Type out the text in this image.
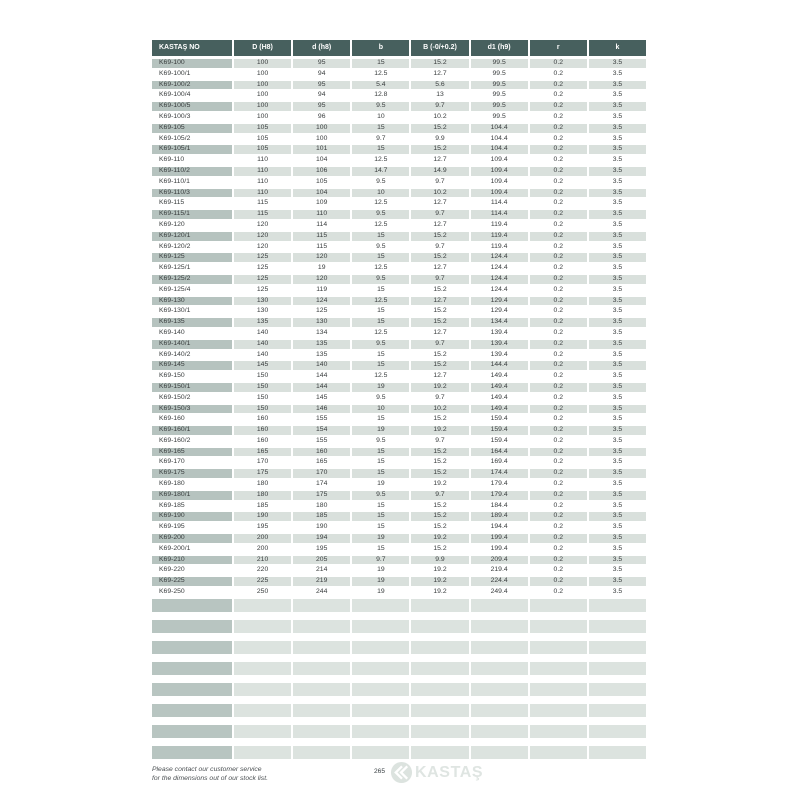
KASTAŞ NO	D (H8)	d (h8)	b	B (-0/+0.2)	d1 (h9)	r	k
K69-100	100	95	15	15.2	99.5	0.2	3.5
K69-100/1	100	94	12.5	12.7	99.5	0.2	3.5
K69-100/2	100	95	5.4	5.6	99.5	0.2	3.5
K69-100/4	100	94	12.8	13	99.5	0.2	3.5
K69-100/5	100	95	9.5	9.7	99.5	0.2	3.5
K69-100/3	100	96	10	10.2	99.5	0.2	3.5
K69-105	105	100	15	15.2	104.4	0.2	3.5
K69-105/2	105	100	9.7	9.9	104.4	0.2	3.5
K69-105/1	105	101	15	15.2	104.4	0.2	3.5
K69-110	110	104	12.5	12.7	109.4	0.2	3.5
K69-110/2	110	106	14.7	14.9	109.4	0.2	3.5
K69-110/1	110	105	9.5	9.7	109.4	0.2	3.5
K69-110/3	110	104	10	10.2	109.4	0.2	3.5
K69-115	115	109	12.5	12.7	114.4	0.2	3.5
K69-115/1	115	110	9.5	9.7	114.4	0.2	3.5
K69-120	120	114	12.5	12.7	119.4	0.2	3.5
K69-120/1	120	115	15	15.2	119.4	0.2	3.5
K69-120/2	120	115	9.5	9.7	119.4	0.2	3.5
K69-125	125	120	15	15.2	124.4	0.2	3.5
K69-125/1	125	19	12.5	12.7	124.4	0.2	3.5
K69-125/2	125	120	9.5	9.7	124.4	0.2	3.5
K69-125/4	125	119	15	15.2	124.4	0.2	3.5
K69-130	130	124	12.5	12.7	129.4	0.2	3.5
K69-130/1	130	125	15	15.2	129.4	0.2	3.5
K69-135	135	130	15	15.2	134.4	0.2	3.5
K69-140	140	134	12.5	12.7	139.4	0.2	3.5
K69-140/1	140	135	9.5	9.7	139.4	0.2	3.5
K69-140/2	140	135	15	15.2	139.4	0.2	3.5
K69-145	145	140	15	15.2	144.4	0.2	3.5
K69-150	150	144	12.5	12.7	149.4	0.2	3.5
K69-150/1	150	144	19	19.2	149.4	0.2	3.5
K69-150/2	150	145	9.5	9.7	149.4	0.2	3.5
K69-150/3	150	146	10	10.2	149.4	0.2	3.5
K69-160	160	155	15	15.2	159.4	0.2	3.5
K69-160/1	160	154	19	19.2	159.4	0.2	3.5
K69-160/2	160	155	9.5	9.7	159.4	0.2	3.5
K69-165	165	160	15	15.2	164.4	0.2	3.5
K69-170	170	165	15	15.2	169.4	0.2	3.5
K69-175	175	170	15	15.2	174.4	0.2	3.5
K69-180	180	174	19	19.2	179.4	0.2	3.5
K69-180/1	180	175	9.5	9.7	179.4	0.2	3.5
K69-185	185	180	15	15.2	184.4	0.2	3.5
K69-190	190	185	15	15.2	189.4	0.2	3.5
K69-195	195	190	15	15.2	194.4	0.2	3.5
K69-200	200	194	19	19.2	199.4	0.2	3.5
K69-200/1	200	195	15	15.2	199.4	0.2	3.5
K69-210	210	205	9.7	9.9	209.4	0.2	3.5
K69-220	220	214	19	19.2	219.4	0.2	3.5
K69-225	225	219	19	19.2	224.4	0.2	3.5
K69-250	250	244	19	19.2	249.4	0.2	3.5
Please contact our customer service
for the dimensions out of our stock list.
265 KASTAŞ
